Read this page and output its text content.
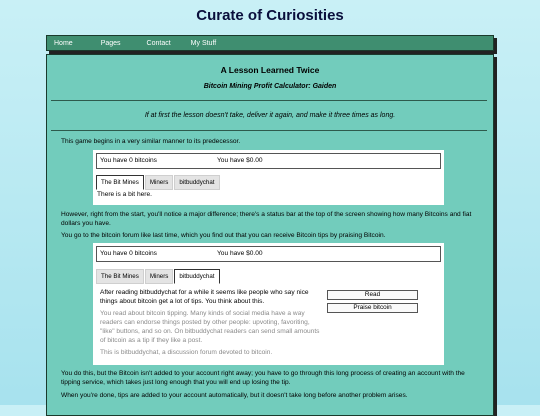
Curate of Curiosities
Home	Pages	Contact	My Stuff
A Lesson Learned Twice
Bitcoin Mining Profit Calculator: Gaiden
If at first the lesson doesn't take, deliver it again, and make it three times as long.
This game begins in a very similar manner to its predecessor.
You have 0 bitcoins	You have $0.00
The Bit Mines	Miners	bitbuddychat
There is a bit here.
However, right from the start, you'll notice a major difference; there's a status bar at the top of the screen showing how many Bitcoins and fiat dollars you have.
You go to the bitcoin forum like last time, which you find out that you can receive Bitcoin tips by praising Bitcoin.
You have 0 bitcoins	You have $0.00
The Bit Mines	Miners	bitbuddychat
After reading bitbuddychat for a while it seems like people who say nice things about bitcoin get a lot of tips. You think about this.
You read about bitcoin tipping. Many kinds of social media have a way readers can endorse things posted by other people: upvoting, favoriting, "like" buttons, and so on. On bitbuddychat readers can send small amounts of bitcoin as a tip if they like a post.
This is bitbuddychat, a discussion forum devoted to bitcoin.
Read
Praise bitcoin
You do this, but the Bitcoin isn't added to your account right away; you have to go through this long process of creating an account with the tipping service, which takes just long enough that you will end up losing the tip.
When you're done, tips are added to your account automatically, but it doesn't take long before another problem arises.
